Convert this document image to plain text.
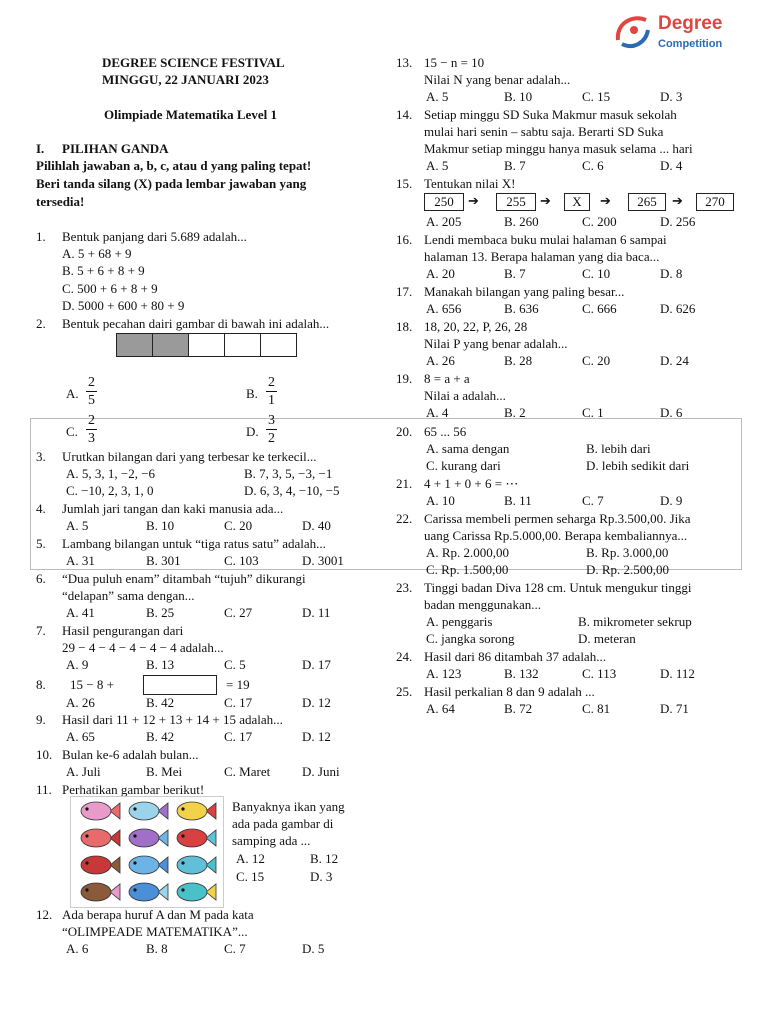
Degree
Competition
DEGREE SCIENCE FESTIVAL
MINGGU, 22 JANUARI 2023
Olimpiade Matematika Level 1
I. PILIHAN GANDA
Pilihlah jawaban a, b, c, atau d yang paling tepat!
Beri tanda silang (X) pada lembar jawaban yang
tersedia!
1. Bentuk panjang dari 5.689 adalah...
A. 5 + 68 + 9
B. 5 + 6 + 8 + 9
C. 500 + 6 + 8 + 9
D. 5000 + 600 + 80 + 9
2. Bentuk pecahan dairi gambar di bawah ini adalah...
A. $\frac{2}{5}$	B. $\frac{2}{1}$
C. $\frac{2}{3}$	D. $\frac{3}{2}$
3. Urutkan bilangan dari yang terbesar ke terkecil...
A. 5, 3, 1, −2, −6	B. 7, 3, 5, −3, −1
C. −10, 2, 3, 1, 0	D. 6, 3, 4, −10, −5
4. Jumlah jari tangan dan kaki manusia ada...
A. 5	B. 10	C. 20	D. 40
5. Lambang bilangan untuk “tiga ratus satu” adalah...
A. 31	B. 301	C. 103	D. 3001
6. “Dua puluh enam” ditambah “tujuh” dikurangi
“delapan” sama dengan...
A. 41	B. 25	C. 27	D. 11
7. Hasil pengurangan dari
29 − 4 − 4 − 4 − 4 − 4 adalah...
A. 9	B. 13	C. 5	D. 17
8. 15 − 8 +	= 19
A. 26	B. 42	C. 17	D. 12
9. Hasil dari 11 + 12 + 13 + 14 + 15 adalah...
A. 65	B. 42	C. 17	D. 12
10. Bulan ke-6 adalah bulan...
A. Juli	B. Mei	C. Maret D. Juni
11. Perhatikan gambar berikut!
Banyaknya ikan yang
ada pada gambar di
samping ada ...
A. 12	B. 12
C. 15	D. 3
12. Ada berapa huruf A dan M pada kata
“OLIMPEADE MATEMATIKA”...
A. 6	B. 8	C. 7	D. 5
13. 15 − n = 10
Nilai N yang benar adalah...
A. 5	B. 10	C. 15	D. 3
14. Setiap minggu SD Suka Makmur masuk sekolah
mulai hari senin – sabtu saja. Berarti SD Suka
Makmur setiap minggu hanya masuk selama ... hari
A. 5	B. 7	C. 6	D. 4
15. Tentukan nilai X!
250	➔	255	➔	X	➔	265	➔	270
A. 205	B. 260	C. 200	D. 256
16. Lendi membaca buku mulai halaman 6 sampai
halaman 13. Berapa halaman yang dia baca...
A. 20	B. 7	C. 10	D. 8
17. Manakah bilangan yang paling besar...
A. 656	B. 636	C. 666	D. 626
18. 18, 20, 22, P, 26, 28
Nilai P yang benar adalah...
A. 26	B. 28	C. 20	D. 24
19. 8 = a + a
Nilai a adalah...
A. 4	B. 2	C. 1	D. 6
20. 65 ... 56
A. sama dengan	B. lebih dari
C. kurang dari	D. lebih sedikit dari
21. 4 + 1 + 0 + 6 = ⋯
A. 10	B. 11	C. 7	D. 9
22. Carissa membeli permen seharga Rp.3.500,00. Jika
uang Carissa Rp.5.000,00. Berapa kembaliannya...
A. Rp. 2.000,00	B. Rp. 3.000,00
C. Rp. 1.500,00	D. Rp. 2.500,00
23. Tinggi badan Diva 128 cm. Untuk mengukur tinggi
badan menggunakan...
A. penggaris	B. mikrometer sekrup
C. jangka sorong	D. meteran
24. Hasil dari 86 ditambah 37 adalah...
A. 123	B. 132	C. 113	D. 112
25. Hasil perkalian 8 dan 9 adalah ...
A. 64	B. 72	C. 81	D. 71
